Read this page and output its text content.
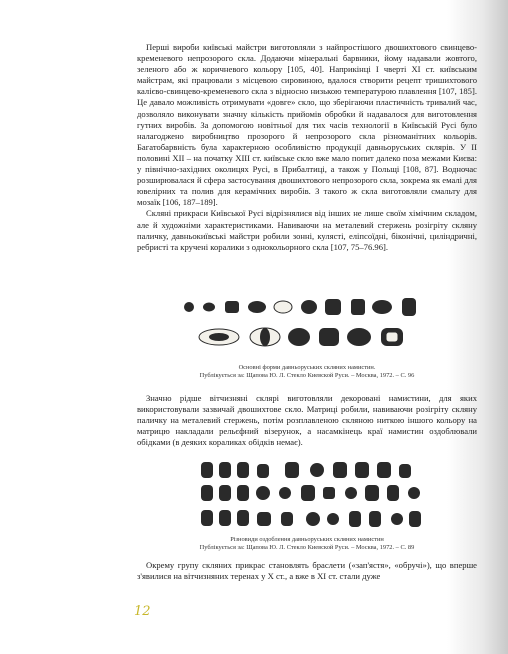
Перші вироби київські майстри виготовляли з найпростішого двошихтового свинцево-кременевого непрозорого скла. Додаючи мінеральні барвники, йому надавали жовтого, зеленого або ж коричневого кольору [105, 40]. Наприкінці I чверті XI ст. київським майстрам, які працювали з місцевою сировиною, вдалося створити рецепт тришихтового калієво-свинцево-кременевого скла з відносно низькою температурою плавлення [107, 185]. Це давало можливість отримувати «довге» скло, що зберігаючи пластичність тривалий час, дозволяло виконувати значну кількість прийомів обробки й надавалося для виготовлення гутних виробів. За допомогою новітньої для тих часів технології в Київській Русі було налагоджено виробництво прозорого й непрозорого скла різноманітних кольорів. Багатобарвність була характерною особливістю продукції давньоруських склярів. У II половині XII – на початку XIII ст. київське скло вже мало попит далеко поза межами Києва: у північно-західних околицях Русі, в Прибалтиці, а також у Польщі [108, 87]. Водночас розширювалася й сфера застосування двошихтового непрозорого скла, зокрема як емалі для ювелірних та полив для керамічних виробів. З такого ж скла виготовляли смальту для мозаїк [106, 187–189].

Скляні прикраси Київської Русі відрізнялися від інших не лише своїм хімічним складом, але й художніми характеристиками. Навиваючи на металевий стержень розігріту скляну паличку, давньокиївські майстри робили зонні, кулясті, еліпсоїдні, біконічні, циліндричні, ребристі та кручені коралики з однокольорного скла [107, 75–76.96].

Основні форми давньоруських скляних намистин.
Публікується за: Щапова Ю. Л. Стекло Киевской Руси. – Москва, 1972. – С. 96

Значно рідше вітчизняні склярі виготовляли декоровані намистини, для яких використовували зазвичай двошихтове скло. Матриці робили, навиваючи розігріту скляну паличку на металевий стержень, потім розплавленою скляною ниткою іншого кольору на матрицю накладали рельєфний візерунок, а насамкінець краї намистин оздоблювали обідками (в деяких кораликах обідків немає).

Різновиди оздоблення давньоруських скляних намистин
Публікується за: Щапова Ю. Л. Стекло Киевской Руси. – Москва, 1972. – С. 89

Окрему групу скляних прикрас становлять браслети («зап'ястя», «обручі»), що вперше з'явилися на вітчизняних теренах у X ст., а вже в XI ст. стали дуже

12
